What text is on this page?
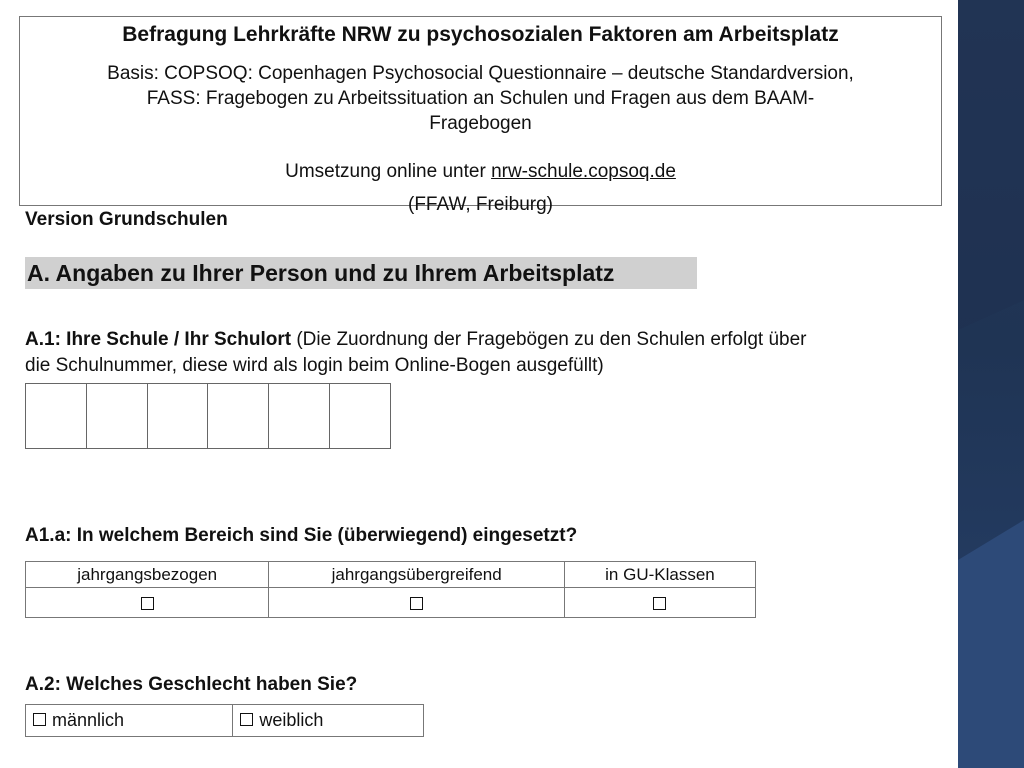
Befragung Lehrkräfte NRW zu psychosozialen Faktoren am Arbeitsplatz
Basis: COPSOQ: Copenhagen Psychosocial Questionnaire – deutsche Standardversion,
FASS: Fragebogen zu Arbeitssituation an Schulen und Fragen aus dem BAAM-
Fragebogen
Umsetzung online unter nrw-schule.copsoq.de
(FFAW, Freiburg)
Version Grundschulen
A. Angaben zu Ihrer Person und zu Ihrem Arbeitsplatz
A.1: Ihre Schule / Ihr Schulort (Die Zuordnung der Fragebögen zu den Schulen erfolgt über
die Schulnummer, diese wird als login beim Online-Bogen ausgefüllt)
A1.a: In welchem Bereich sind Sie (überwiegend) eingesetzt?
jahrgangsbezogen	jahrgangsübergreifend	in GU-Klassen

A.2: Welches Geschlecht haben Sie?
männlich	weiblich
